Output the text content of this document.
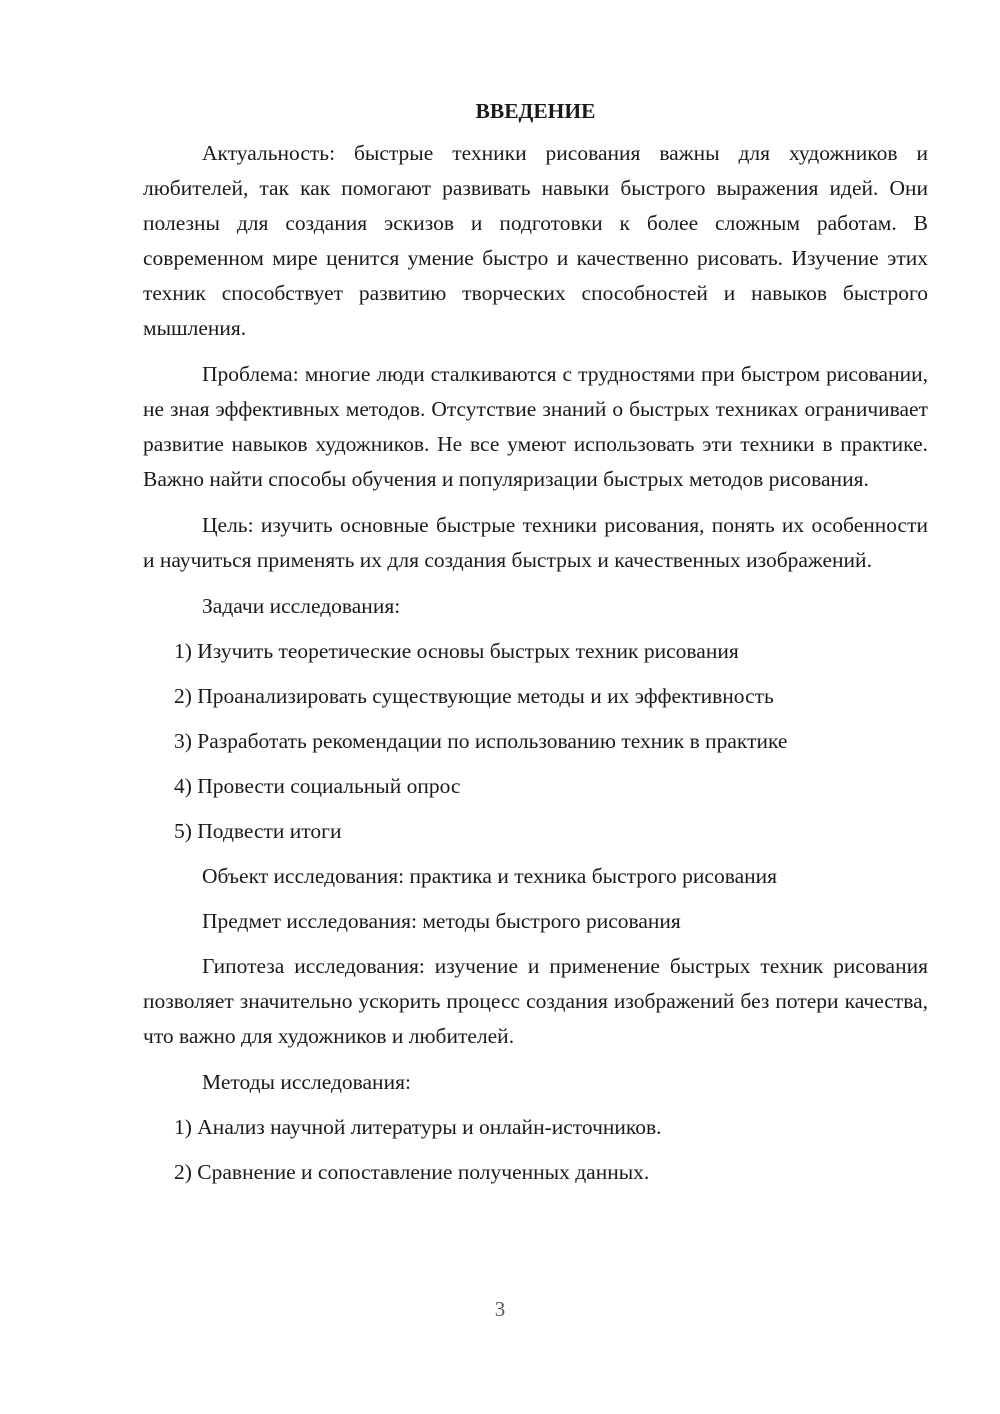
ВВЕДЕНИЕ
Актуальность: быстрые техники рисования важны для художников и любителей, так как помогают развивать навыки быстрого выражения идей. Они полезны для создания эскизов и подготовки к более сложным работам. В современном мире ценится умение быстро и качественно рисовать. Изучение этих техник способствует развитию творческих способностей и навыков быстрого мышления.
Проблема: многие люди сталкиваются с трудностями при быстром рисовании, не зная эффективных методов. Отсутствие знаний о быстрых техниках ограничивает развитие навыков художников. Не все умеют использовать эти техники в практике. Важно найти способы обучения и популяризации быстрых методов рисования.
Цель: изучить основные быстрые техники рисования, понять их особенности и научиться применять их для создания быстрых и качественных изображений.
Задачи исследования:
1) Изучить теоретические основы быстрых техник рисования
2) Проанализировать существующие методы и их эффективность
3) Разработать рекомендации по использованию техник в практике
4) Провести социальный опрос
5) Подвести итоги
Объект исследования: практика и техника быстрого рисования
Предмет исследования: методы быстрого рисования
Гипотеза исследования: изучение и применение быстрых техник рисования позволяет значительно ускорить процесс создания изображений без потери качества, что важно для художников и любителей.
Методы исследования:
1) Анализ научной литературы и онлайн-источников.
2) Сравнение и сопоставление полученных данных.
3
